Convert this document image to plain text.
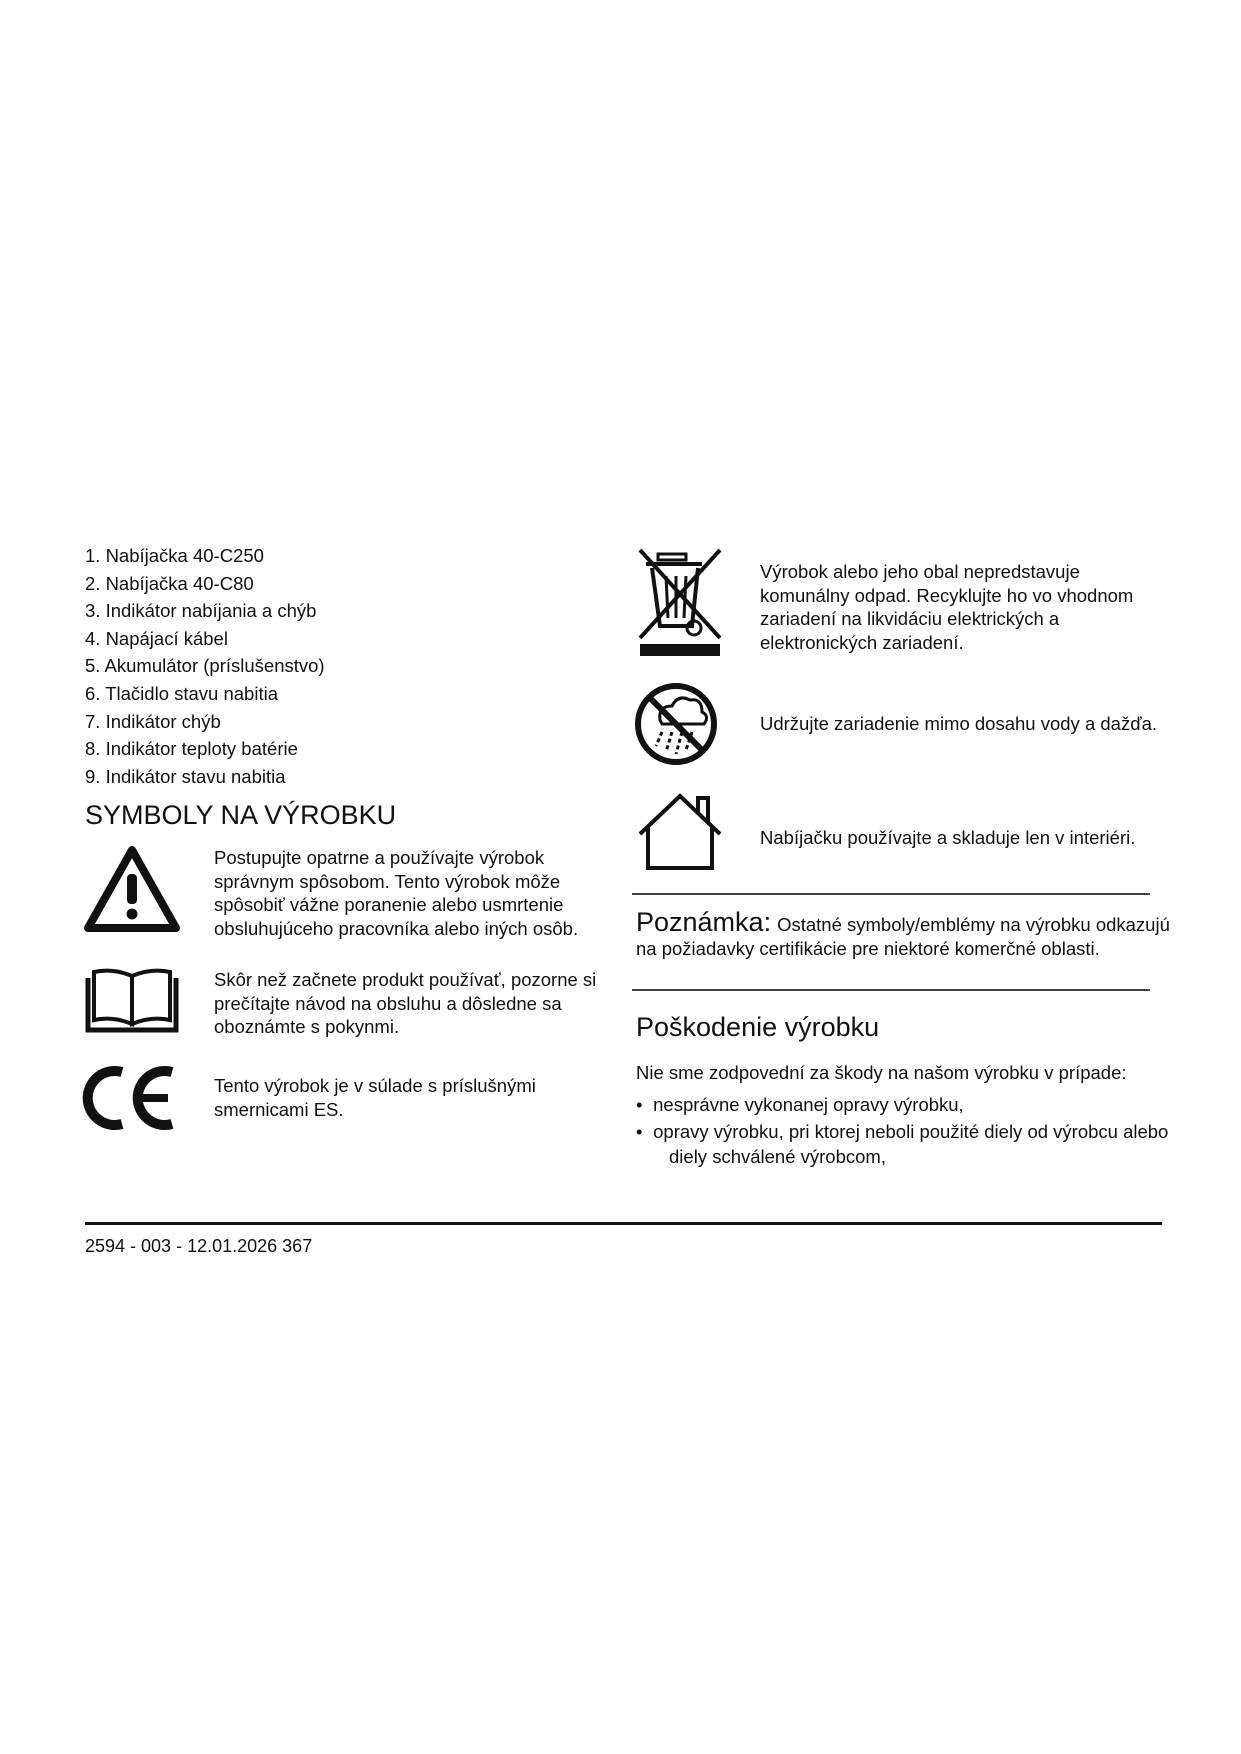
1. Nabíjačka 40-C250
2. Nabíjačka 40-C80
3. Indikátor nabíjania a chýb
4. Napájací kábel
5. Akumulátor (príslušenstvo)
6. Tlačidlo stavu nabitia
7. Indikátor chýb
8. Indikátor teploty batérie
9. Indikátor stavu nabitia
SYMBOLY NA VÝROBKU

Postupujte opatrne a používajte výrobok správnym spôsobom. Tento výrobok môže spôsobiť vážne poranenie alebo usmrtenie obsluhujúceho pracovníka alebo iných osôb.

Skôr než začnete produkt používať, pozorne si prečítajte návod na obsluhu a dôsledne sa oboznámte s pokynmi.

Tento výrobok je v súlade s príslušnými smernicami ES.

Výrobok alebo jeho obal nepredstavuje komunálny odpad. Recyklujte ho vo vhodnom zariadení na likvidáciu elektrických a elektronických zariadení.

Udržujte zariadenie mimo dosahu vody a dažďa.

Nabíjačku používajte a skladuje len v interiéri.

Poznámka: Ostatné symboly/emblémy na výrobku odkazujú na požiadavky certifikácie pre niektoré komerčné oblasti.

Poškodenie výrobku

Nie sme zodpovední za škody na našom výrobku v prípade:

• nesprávne vykonanej opravy výrobku,
• opravy výrobku, pri ktorej neboli použité diely od výrobcu alebo diely schválené výrobcom,
2594 - 003 - 12.01.2026 367
